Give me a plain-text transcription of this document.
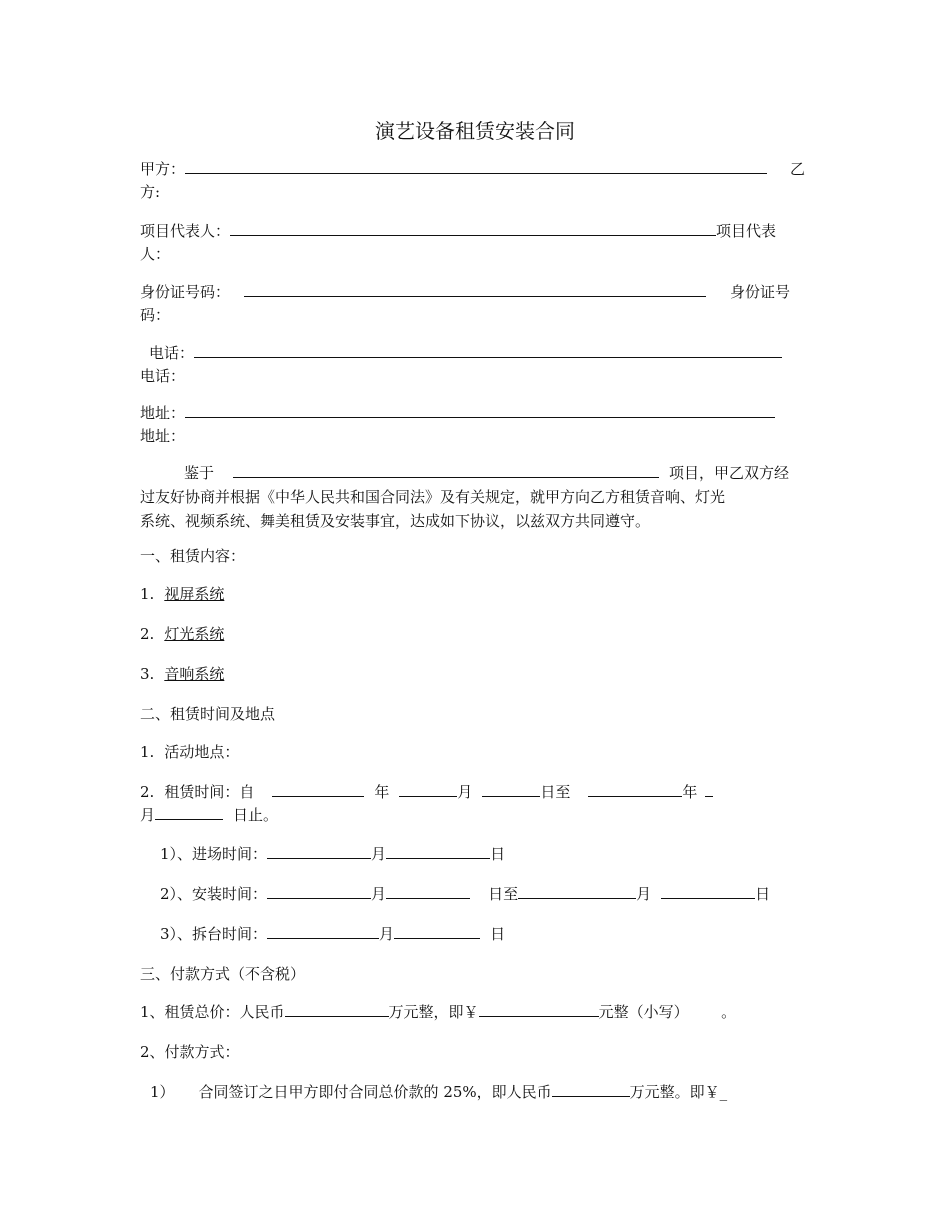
演艺设备租赁安装合同
甲方：	乙
方:
项目代表人：	项目代表
人：
身份证号码：	身份证号
码：
电话：
电话：
地址：
地址：
鉴于	项目，甲乙双方经
过友好协商并根据《中华人民共和国合同法》及有关规定，就甲方向乙方租赁音响、灯光
系统、视频系统、舞美租赁及安装事宜，达成如下协议，以兹双方共同遵守。
一、租赁内容：
1. 视屏系统
2. 灯光系统
3. 音响系统
二、租赁时间及地点
1. 活动地点：
2. 租赁时间：自	年	月	日至	年
月	日止。
1）、进场时间：	月	日
2）、安装时间：	月	日至	月	日
3）、拆台时间：	月	日
三、付款方式（不含税）
1、租赁总价：人民币	万元整，即￥	元整（小写）	。
2、付款方式：
1） 合同签订之日甲方即付合同总价款的 25%，即人民币	万元整。即￥_
